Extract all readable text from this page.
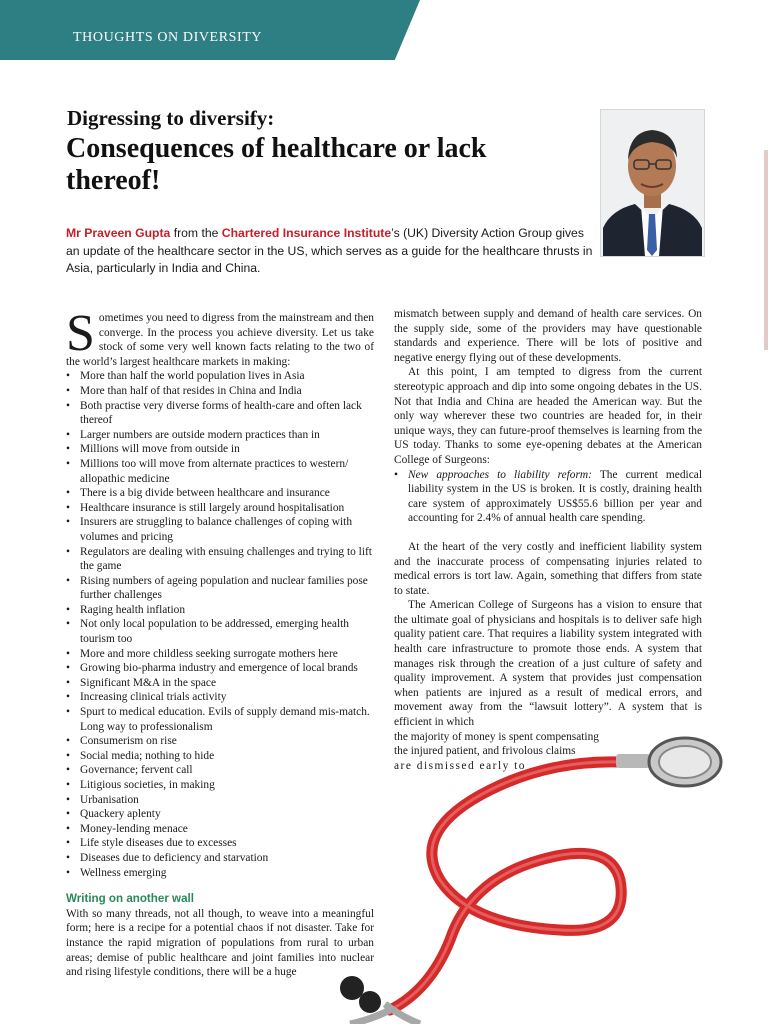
THOUGHTS ON DIVERSITY
Digressing to diversify:
Consequences of healthcare or lack thereof!
Mr Praveen Gupta from the Chartered Insurance Institute’s (UK) Diversity Action Group gives an update of the healthcare sector in the US, which serves as a guide for the healthcare thrusts in Asia, particularly in India and China.

Sometimes you need to digress from the mainstream and then converge. In the process you achieve diversity. Let us take stock of some very well known facts relating to the two of the world’s largest healthcare markets in making:

• More than half the world population lives in Asia
• More than half of that resides in China and India
• Both practise very diverse forms of health-care and often lack thereof
• Larger numbers are outside modern practices than in
• Millions will move from outside in
• Millions too will move from alternate practices to western/ allopathic medicine
• There is a big divide between healthcare and insurance
• Healthcare insurance is still largely around hospitalisation
• Insurers are struggling to balance challenges of coping with volumes and pricing
• Regulators are dealing with ensuing challenges and trying to lift the game
• Rising numbers of ageing population and nuclear families pose further challenges
• Raging health inflation
• Not only local population to be addressed, emerging health tourism too
• More and more childless seeking surrogate mothers here
• Growing bio-pharma industry and emergence of local brands
• Significant M&A in the space
• Increasing clinical trials activity
• Spurt to medical education. Evils of supply demand mis-match. Long way to professionalism
• Consumerism on rise
• Social media; nothing to hide
• Governance; fervent call
• Litigious societies, in making
• Urbanisation
• Quackery aplenty
• Money-lending menace
• Life style diseases due to excesses
• Diseases due to deficiency and starvation
• Wellness emerging
Writing on another wall

With so many threads, not all though, to weave into a meaningful form; here is a recipe for a potential chaos if not disaster. Take for instance the rapid migration of populations from rural to urban areas; demise of public healthcare and joint families into nuclear and rising lifestyle conditions, there will be a huge

mismatch between supply and demand of health care services. On the supply side, some of the providers may have questionable standards and experience. There will be lots of positive and negative energy flying out of these developments.

At this point, I am tempted to digress from the current stereotypic approach and dip into some ongoing debates in the US. Not that India and China are headed the American way. But the only way wherever these two countries are headed for, in their unique ways, they can future-proof themselves is learning from the US today. Thanks to some eye-opening debates at the American College of Surgeons:

• New approaches to liability reform: The current medical liability system in the US is broken. It is costly, draining health care system of approximately US$55.6 billion per year and accounting for 2.4% of annual health care spending.

At the heart of the very costly and inefficient liability system and the inaccurate process of compensating injuries related to medical errors is tort law. Again, something that differs from state to state.

The American College of Surgeons has a vision to ensure that the ultimate goal of physicians and hospitals is to deliver safe high quality patient care. That requires a liability system integrated with health care infrastructure to promote those ends. A system that manages risk through the creation of a just culture of safety and quality improvement. A system that provides just compensation when patients are injured as a result of medical errors, and movement away from the “lawsuit lottery”. A system that is efficient in which

the majority of money is spent compensating

the injured patient, and frivolous claims

are dismissed early to
